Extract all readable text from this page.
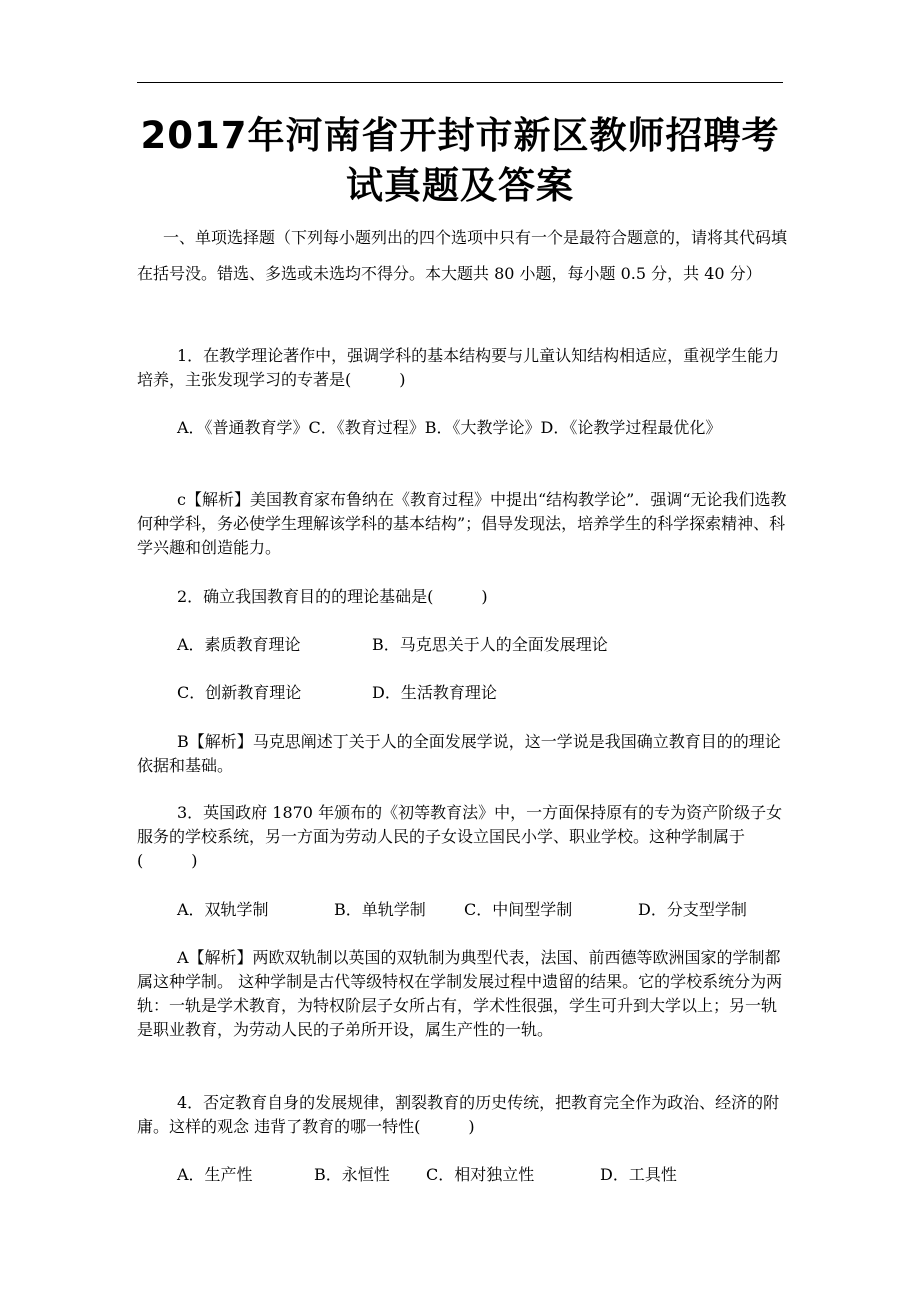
2017年河南省开封市新区教师招聘考
试真题及答案

一、单项选择题（下列每小题列出的四个选项中只有一个是最符合题意的，请将其代码填在括号没。错选、多选或未选均不得分。本大题共 80 小题，每小题 0.5 分，共 40 分）

1．在教学理论著作中，强调学科的基本结构要与儿童认知结构相适应，重视学生能力培养，主张发现学习的专著是(　　　)

A．《普通教育学》C．《教育过程》B．《大教学论》D．《论教学过程最优化》

c【解析】美国教育家布鲁纳在《教育过程》中提出“结构教学论”．强调“无论我们选教何种学科，务必使学生理解该学科的基本结构”；倡导发现法，培养学生的科学探索精神、科学兴趣和创造能力。

2．确立我国教育目的的理论基础是(　　　)

A．素质教育理论	B．马克思关于人的全面发展理论

C．创新教育理论	D．生活教育理论

B【解析】马克思阐述丁关于人的全面发展学说，这一学说是我国确立教育目的的理论依据和基础。

3．英国政府 1870 年颁布的《初等教育法》中，一方面保持原有的专为资产阶级子女服务的学校系统，另一方面为劳动人民的子女设立国民小学、职业学校。这种学制属于(　　　)

A．双轨学制	B．单轨学制 C．中间型学制	D．分支型学制

A【解析】两欧双轨制以英国的双轨制为典型代表，法国、前西德等欧洲国家的学制都属这种学制。 这种学制是古代等级特权在学制发展过程中遗留的结果。它的学校系统分为两轨：一轨是学术教育，为特权阶层子女所占有，学术性很强，学生可升到大学以上；另一轨是职业教育，为劳动人民的子弟所开设，属生产性的一轨。

4．否定教育自身的发展规律，割裂教育的历史传统，把教育完全作为政治、经济的附庸。这样的观念 违背了教育的哪一特性(　　　)

A．生产性	B．永恒性 C．相对独立性	D．工具性
